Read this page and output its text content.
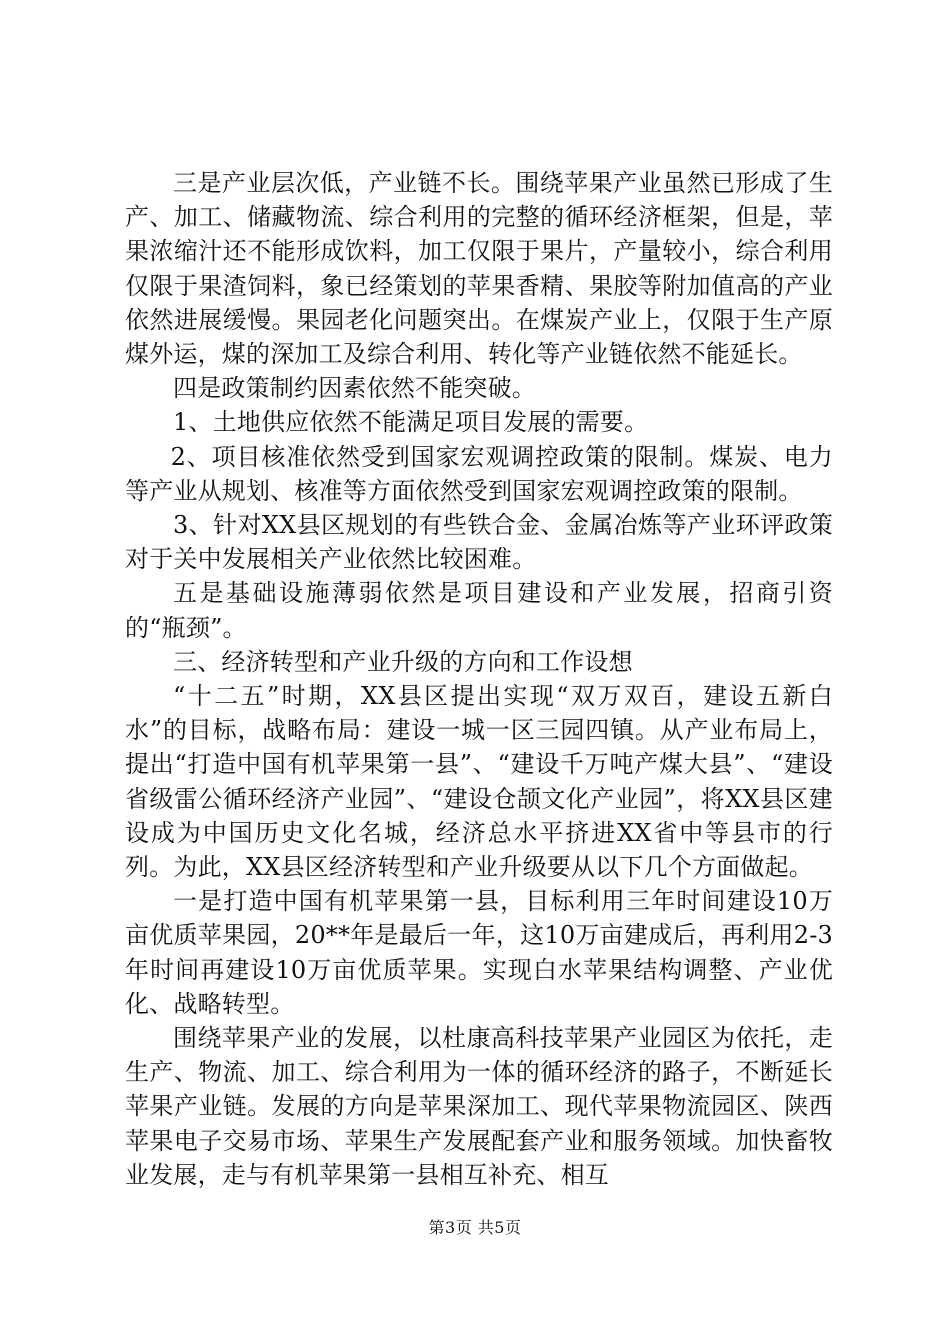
三是产业层次低，产业链不长。围绕苹果产业虽然已形成了生产、加工、储藏物流、综合利用的完整的循环经济框架，但是，苹果浓缩汁还不能形成饮料，加工仅限于果片，产量较小，综合利用仅限于果渣饲料，象已经策划的苹果香精、果胶等附加值高的产业依然进展缓慢。果园老化问题突出。在煤炭产业上，仅限于生产原煤外运，煤的深加工及综合利用、转化等产业链依然不能延长。

四是政策制约因素依然不能突破。

1、土地供应依然不能满足项目发展的需要。

2、项目核准依然受到国家宏观调控政策的限制。煤炭、电力等产业从规划、核准等方面依然受到国家宏观调控政策的限制。

3、针对XX县区规划的有些铁合金、金属冶炼等产业环评政策对于关中发展相关产业依然比较困难。

五是基础设施薄弱依然是项目建设和产业发展，招商引资的“瓶颈”。

三、经济转型和产业升级的方向和工作设想

“十二五”时期，XX县区提出实现“双万双百，建设五新白水”的目标，战略布局：建设一城一区三园四镇。从产业布局上，提出“打造中国有机苹果第一县”、“建设千万吨产煤大县”、“建设省级雷公循环经济产业园”、“建设仓颉文化产业园”，将XX县区建设成为中国历史文化名城，经济总水平挤进XX省中等县市的行列。为此，XX县区经济转型和产业升级要从以下几个方面做起。

一是打造中国有机苹果第一县，目标利用三年时间建设10万亩优质苹果园，20**年是最后一年，这10万亩建成后，再利用2-3年时间再建设10万亩优质苹果。实现白水苹果结构调整、产业优化、战略转型。

围绕苹果产业的发展，以杜康高科技苹果产业园区为依托，走生产、物流、加工、综合利用为一体的循环经济的路子，不断延长苹果产业链。发展的方向是苹果深加工、现代苹果物流园区、陕西苹果电子交易市场、苹果生产发展配套产业和服务领域。加快畜牧业发展，走与有机苹果第一县相互补充、相互

第3页 共5页
